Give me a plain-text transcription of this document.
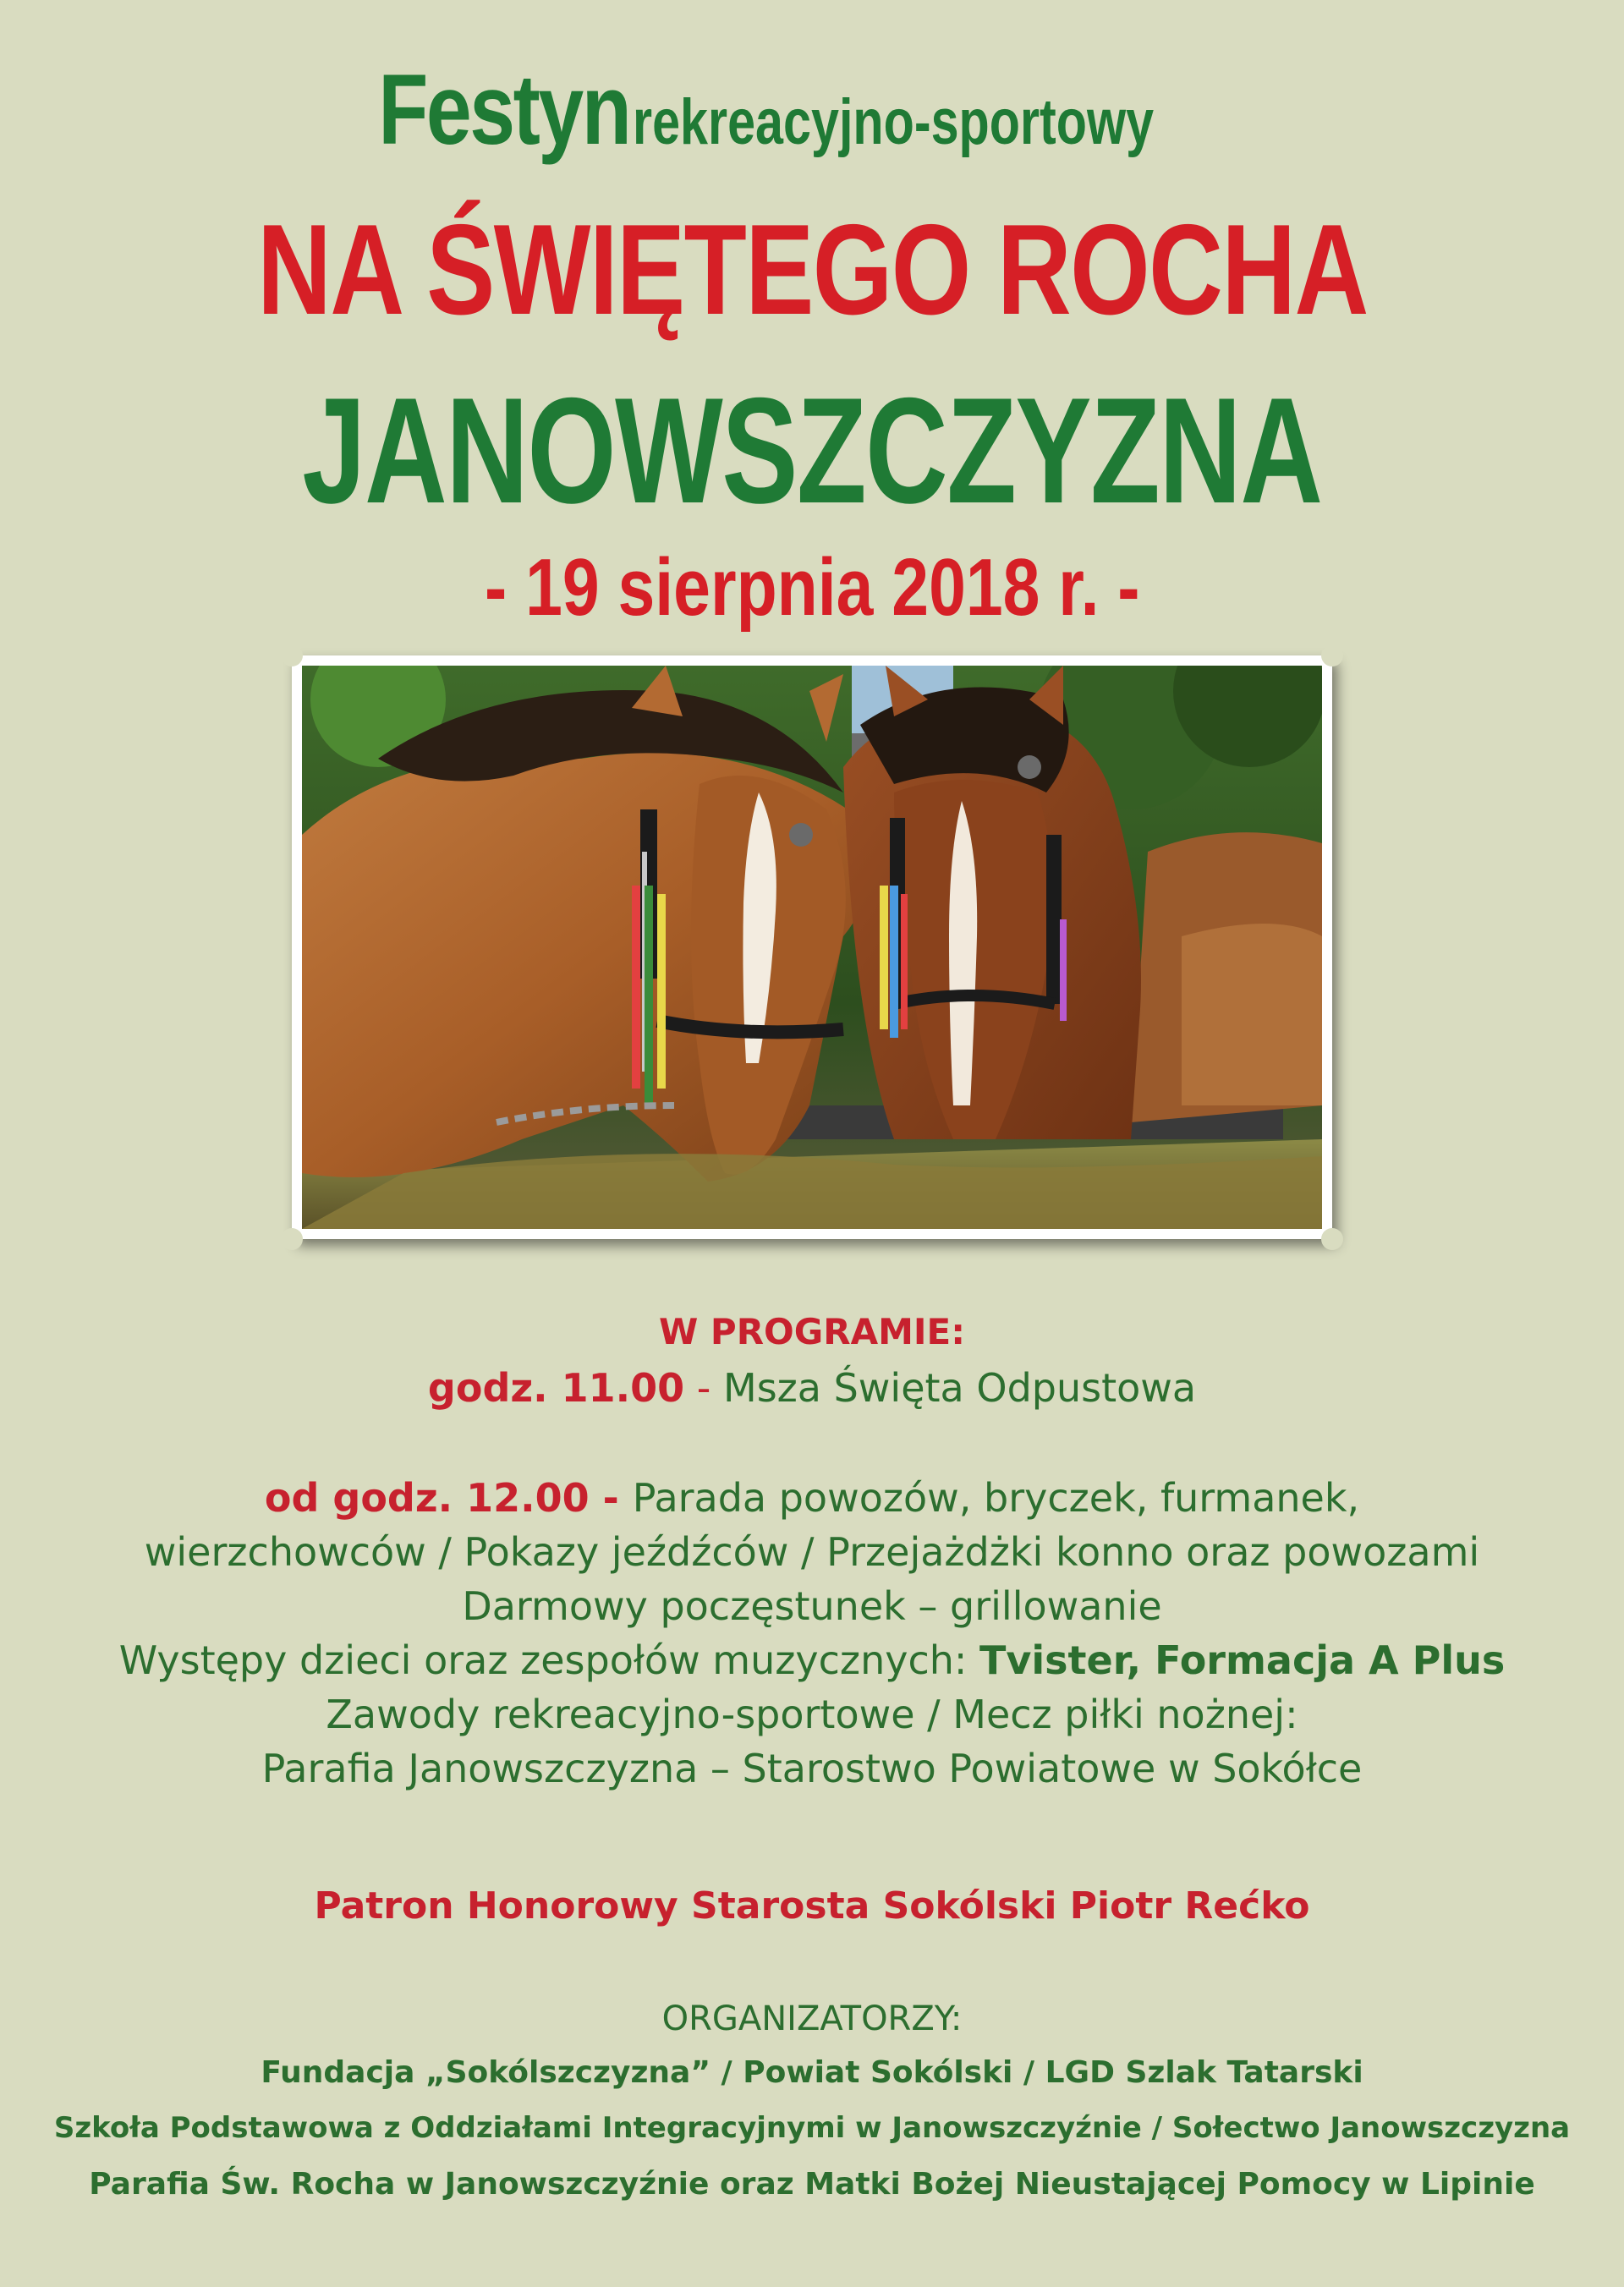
Festyn rekreacyjno-sportowy
NA ŚWIĘTEGO ROCHA
JANOWSZCZYZNA
- 19 sierpnia 2018 r. -
W PROGRAMIE:
godz. 11.00 - Msza Święta Odpustowa
od godz. 12.00 - Parada powozów, bryczek, furmanek,
wierzchowców / Pokazy jeźdźców / Przejażdżki konno oraz powozami
Darmowy poczęstunek – grillowanie
Występy dzieci oraz zespołów muzycznych: Tvister, Formacja A Plus
Zawody rekreacyjno-sportowe / Mecz piłki nożnej:
Parafia Janowszczyzna – Starostwo Powiatowe w Sokółce
Patron Honorowy Starosta Sokólski Piotr Rećko
ORGANIZATORZY:
Fundacja „Sokólszczyzna” / Powiat Sokólski / LGD Szlak Tatarski
Szkoła Podstawowa z Oddziałami Integracyjnymi w Janowszczyźnie / Sołectwo Janowszczyzna
Parafia Św. Rocha w Janowszczyźnie oraz Matki Bożej Nieustającej Pomocy w Lipinie
